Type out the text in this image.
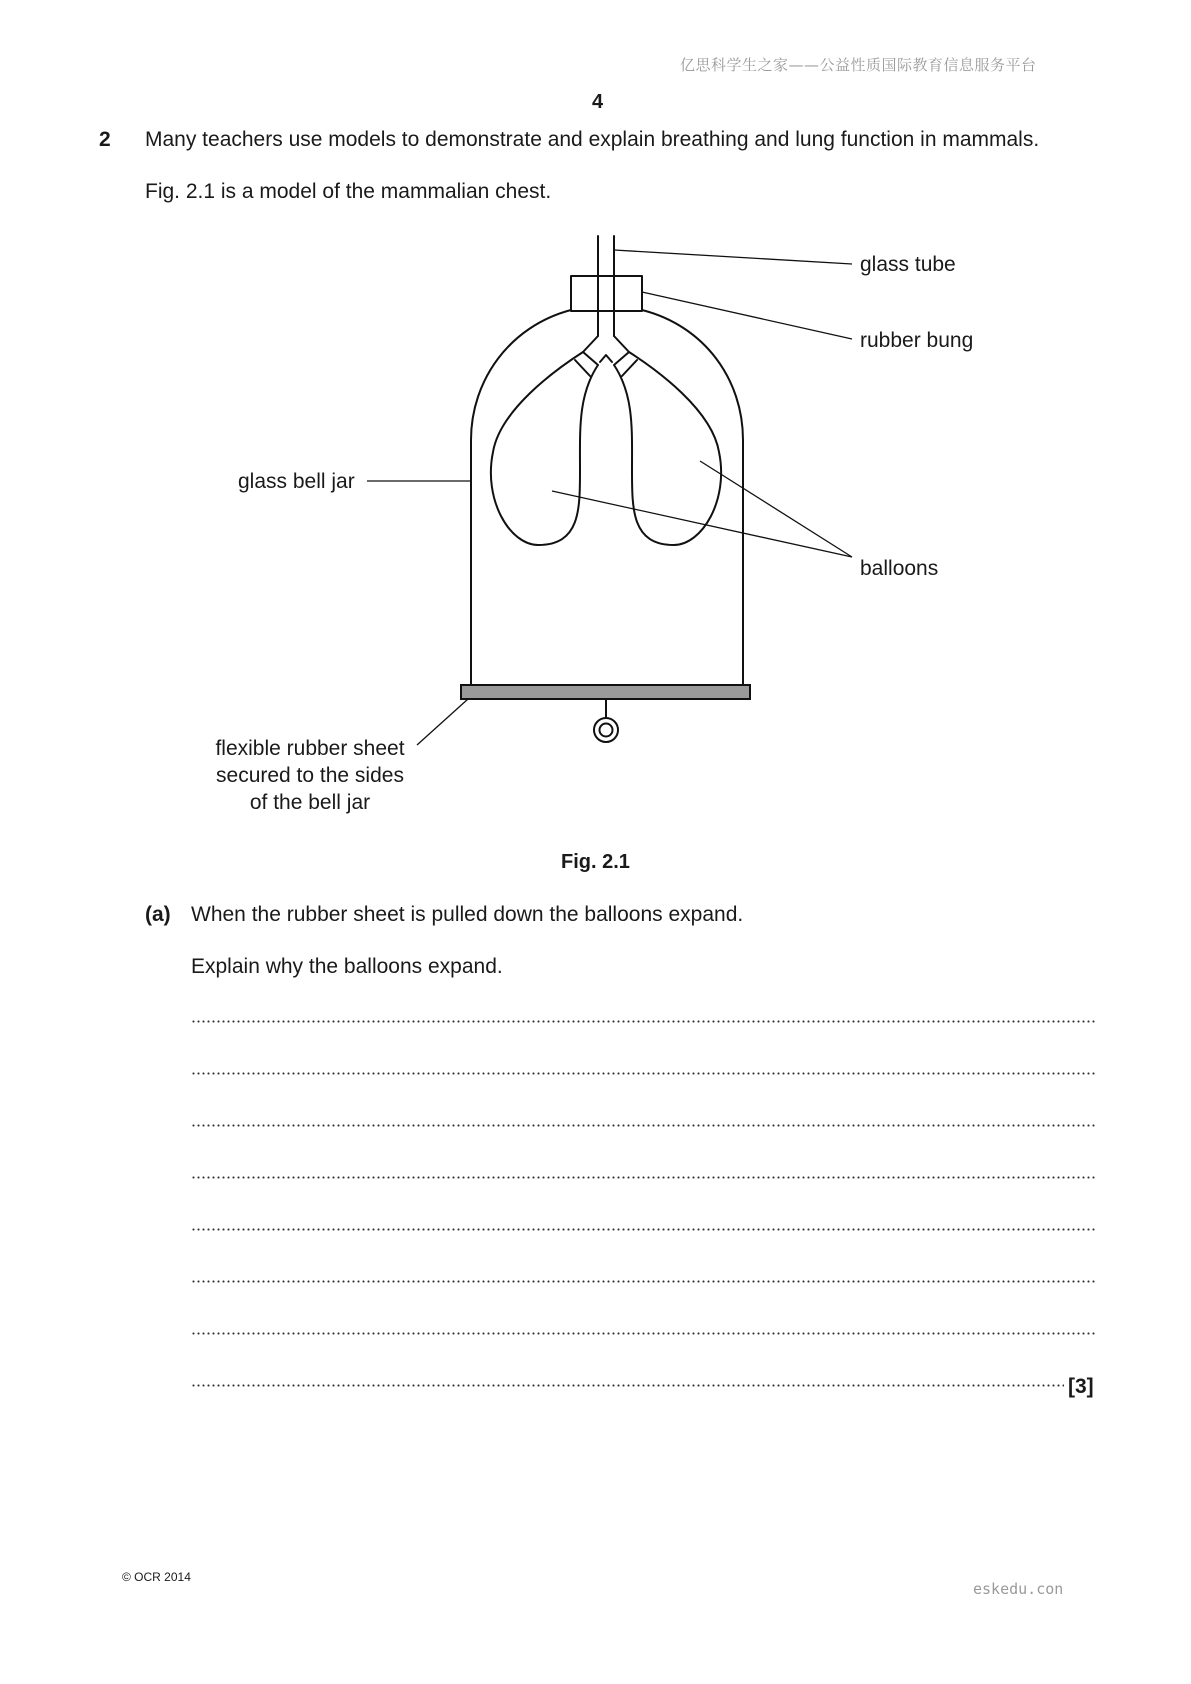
亿思科学生之家——公益性质国际教育信息服务平台
4
2 Many teachers use models to demonstrate and explain breathing and lung function in mammals.
Fig. 2.1 is a model of the mammalian chest.
glass tube
rubber bung
glass bell jar
balloons
flexible rubber sheet
secured to the sides
of the bell jar
Fig. 2.1
(a) When the rubber sheet is pulled down the balloons expand.
Explain why the balloons expand.
[3]
© OCR 2014
eskedu.con
